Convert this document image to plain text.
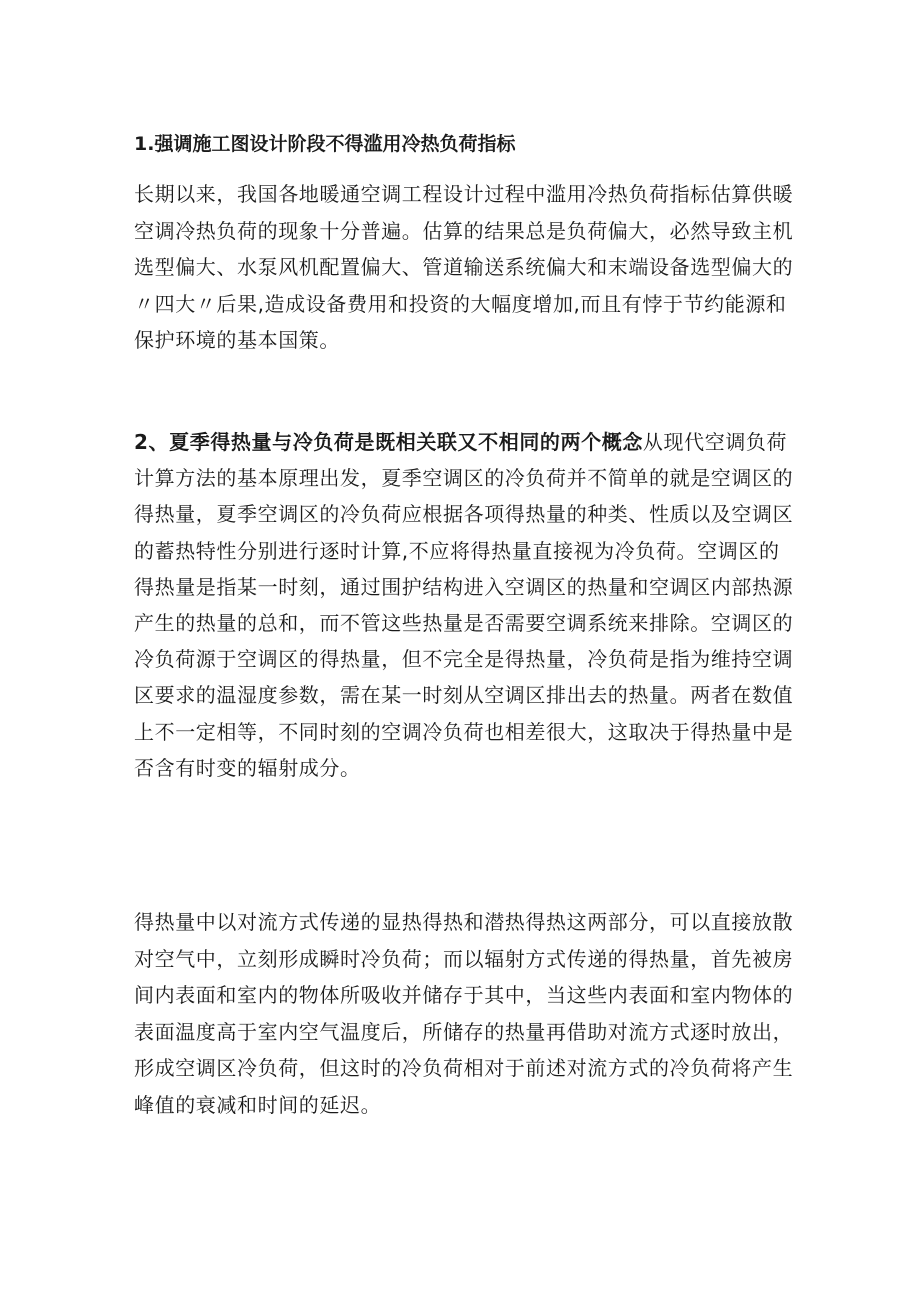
1.强调施工图设计阶段不得滥用冷热负荷指标

长期以来，我国各地暖通空调工程设计过程中滥用冷热负荷指标估算供暖空调冷热负荷的现象十分普遍。估算的结果总是负荷偏大，必然导致主机选型偏大、水泵风机配置偏大、管道输送系统偏大和末端设备选型偏大的〃四大〃后果,造成设备费用和投资的大幅度增加,而且有悖于节约能源和保护环境的基本国策。

2、夏季得热量与冷负荷是既相关联又不相同的两个概念从现代空调负荷计算方法的基本原理出发，夏季空调区的冷负荷并不简单的就是空调区的得热量，夏季空调区的冷负荷应根据各项得热量的种类、性质以及空调区的蓄热特性分别进行逐时计算,不应将得热量直接视为冷负荷。空调区的得热量是指某一时刻，通过围护结构进入空调区的热量和空调区内部热源产生的热量的总和，而不管这些热量是否需要空调系统来排除。空调区的冷负荷源于空调区的得热量，但不完全是得热量，冷负荷是指为维持空调区要求的温湿度参数，需在某一时刻从空调区排出去的热量。两者在数值上不一定相等，不同时刻的空调冷负荷也相差很大，这取决于得热量中是否含有时变的辐射成分。

得热量中以对流方式传递的显热得热和潜热得热这两部分，可以直接放散对空气中，立刻形成瞬时冷负荷；而以辐射方式传递的得热量，首先被房间内表面和室内的物体所吸收并储存于其中，当这些内表面和室内物体的表面温度高于室内空气温度后，所储存的热量再借助对流方式逐时放出，形成空调区冷负荷，但这时的冷负荷相对于前述对流方式的冷负荷将产生峰值的衰减和时间的延迟。
